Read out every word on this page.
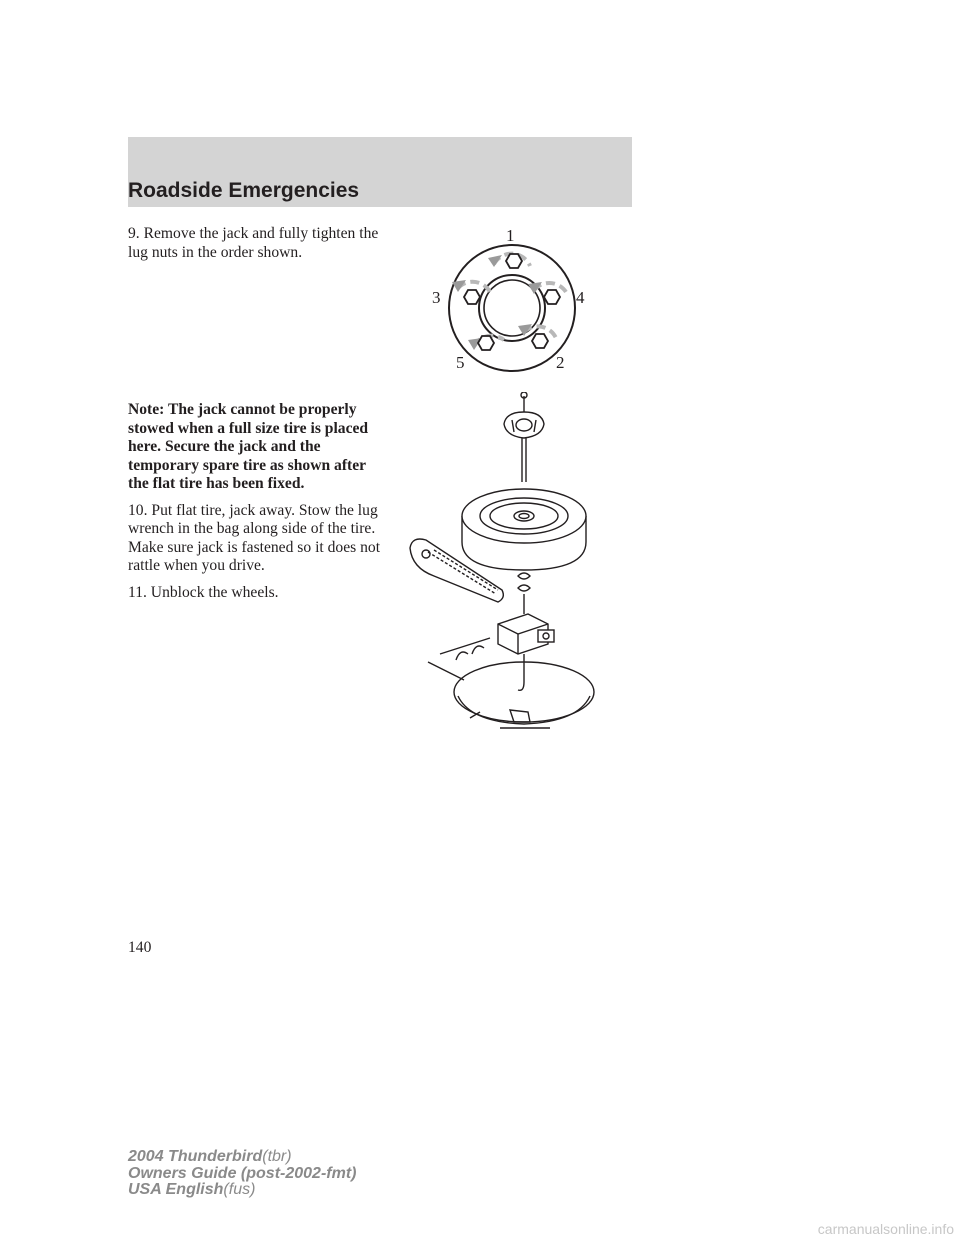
Roadside Emergencies

9. Remove the jack and fully tighten the lug nuts in the order shown.

1
2
3	4
5

Note: The jack cannot be properly stowed when a full size tire is placed here. Secure the jack and the temporary spare tire as shown after the flat tire has been fixed.

10. Put flat tire, jack away. Stow the lug wrench in the bag along side of the tire. Make sure jack is fastened so it does not rattle when you drive.

11. Unblock the wheels.

140
2004 Thunderbird(tbr)
Owners Guide (post-2002-fmt)
USA English(fus)
carmanualsonline.info
